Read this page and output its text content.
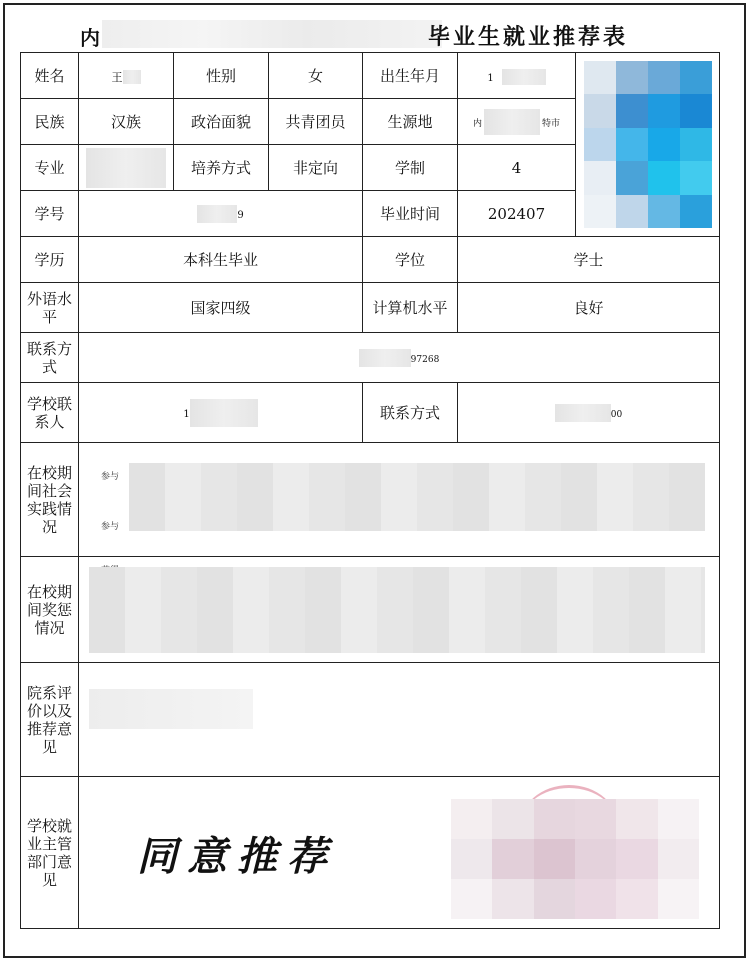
内	毕业生就业推荐表
姓名	王	性别	女	出生年月	1	

民族	汉族	政治面貌	共青团员	生源地	内 特市	
专业		培养方式	非定向	学制	4	
学号	9			毕业时间	202407	
学历	本科生毕业			学位	学士	
外语水平	国家四级			计算机水平	良好	
联系方式	97268					
学校联系人	1			联系方式	00	
在校期间社会实践情况	参与
参与					

在校期间奖惩情况	

院系评价以及推荐意见						

学校就业主管部门意见	同意推荐					
